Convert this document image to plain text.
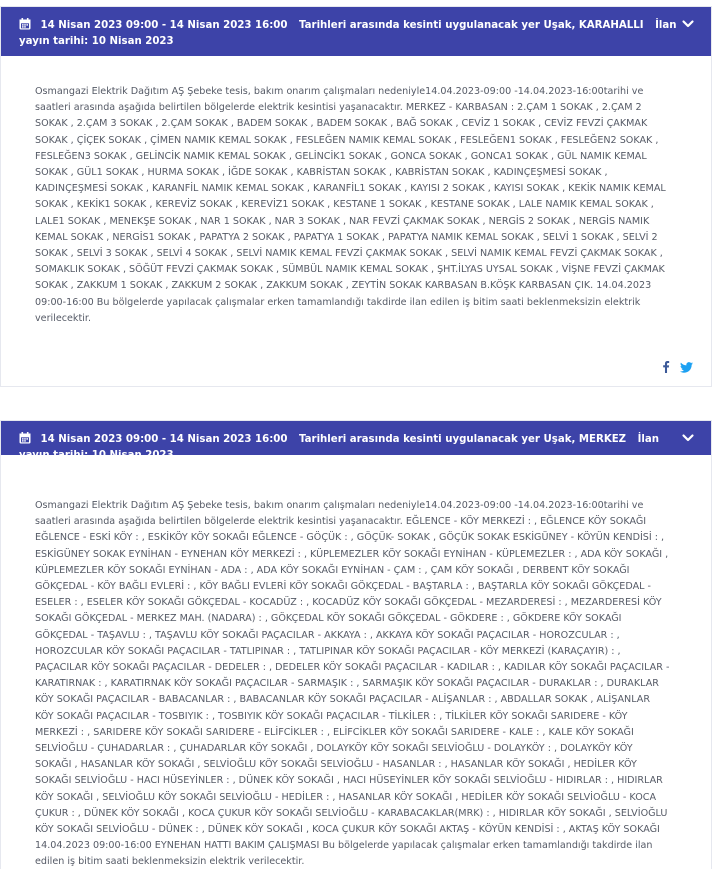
14 Nisan 2023 09:00 - 14 Nisan 2023 16:00 Tarihleri arasında kesinti uygulanacak yer Uşak, KARAHALLI İlan yayın tarihi: 10 Nisan 2023
Osmangazi Elektrik Dağıtım AŞ Şebeke tesis, bakım onarım çalışmaları nedeniyle14.04.2023-09:00 -14.04.2023-16:00tarihi ve saatleri arasında aşağıda belirtilen bölgelerde elektrik kesintisi yaşanacaktır. MERKEZ - KARBASAN : 2.ÇAM 1 SOKAK , 2.ÇAM 2 SOKAK , 2.ÇAM 3 SOKAK , 2.ÇAM SOKAK , BADEM SOKAK , BADEM SOKAK , BAĞ SOKAK , CEVİZ 1 SOKAK , CEVİZ FEVZİ ÇAKMAK SOKAK , ÇİÇEK SOKAK , ÇİMEN NAMIK KEMAL SOKAK , FESLEĞEN NAMIK KEMAL SOKAK , FESLEĞEN1 SOKAK , FESLEĞEN2 SOKAK , FESLEĞEN3 SOKAK , GELİNCİK NAMIK KEMAL SOKAK , GELİNCİK1 SOKAK , GONCA SOKAK , GONCA1 SOKAK , GÜL NAMIK KEMAL SOKAK , GÜL1 SOKAK , HURMA SOKAK , İĞDE SOKAK , KABRİSTAN SOKAK , KABRİSTAN SOKAK , KADINÇEŞMESİ SOKAK , KADINÇEŞMESİ SOKAK , KARANFİL NAMIK KEMAL SOKAK , KARANFİL1 SOKAK , KAYISI 2 SOKAK , KAYISI SOKAK , KEKİK NAMIK KEMAL SOKAK , KEKİK1 SOKAK , KEREVİZ SOKAK , KEREVİZ1 SOKAK , KESTANE 1 SOKAK , KESTANE SOKAK , LALE NAMIK KEMAL SOKAK , LALE1 SOKAK , MENEKŞE SOKAK , NAR 1 SOKAK , NAR 3 SOKAK , NAR FEVZİ ÇAKMAK SOKAK , NERGİS 2 SOKAK , NERGİS NAMIK KEMAL SOKAK , NERGİS1 SOKAK , PAPATYA 2 SOKAK , PAPATYA 1 SOKAK , PAPATYA NAMIK KEMAL SOKAK , SELVİ 1 SOKAK , SELVİ 2 SOKAK , SELVİ 3 SOKAK , SELVİ 4 SOKAK , SELVİ NAMIK KEMAL FEVZİ ÇAKMAK SOKAK , SELVİ NAMIK KEMAL FEVZİ ÇAKMAK SOKAK , SOMAKLIK SOKAK , SÖĞÜT FEVZİ ÇAKMAK SOKAK , SÜMBÜL NAMIK KEMAL SOKAK , ŞHT.İLYAS UYSAL SOKAK , VİŞNE FEVZİ ÇAKMAK SOKAK , ZAKKUM 1 SOKAK , ZAKKUM 2 SOKAK , ZAKKUM SOKAK , ZEYTİN SOKAK KARBASAN B.KÖŞK KARBASAN ÇIK. 14.04.2023 09:00-16:00 Bu bölgelerde yapılacak çalışmalar erken tamamlandığı takdirde ilan edilen iş bitim saati beklenmeksizin elektrik verilecektir.
14 Nisan 2023 09:00 - 14 Nisan 2023 16:00 Tarihleri arasında kesinti uygulanacak yer Uşak, MERKEZ İlan yayın tarihi: 10 Nisan 2023
Osmangazi Elektrik Dağıtım AŞ Şebeke tesis, bakım onarım çalışmaları nedeniyle14.04.2023-09:00 -14.04.2023-16:00tarihi ve saatleri arasında aşağıda belirtilen bölgelerde elektrik kesintisi yaşanacaktır. EĞLENCE - KÖY MERKEZİ : , EĞLENCE KÖY SOKAĞI EĞLENCE - ESKİ KÖY : , ESKİKÖY KÖY SOKAĞI EĞLENCE - GÖÇÜK : , GÖÇÜK- SOKAK , GÖÇÜK SOKAK ESKİGÜNEY - KÖYÜN KENDİSİ : , ESKİGÜNEY SOKAK EYNİHAN - EYNEHAN KÖY MERKEZİ : , KÜPLEMEZLER KÖY SOKAĞI EYNİHAN - KÜPLEMEZLER : , ADA KÖY SOKAĞI , KÜPLEMEZLER KÖY SOKAĞI EYNİHAN - ADA : , ADA KÖY SOKAĞI EYNİHAN - ÇAM : , ÇAM KÖY SOKAĞI , DERBENT KÖY SOKAĞI GÖKÇEDAL - KÖY BAĞLI EVLERİ : , KÖY BAĞLI EVLERİ KÖY SOKAĞI GÖKÇEDAL - BAŞTARLA : , BAŞTARLA KÖY SOKAĞI GÖKÇEDAL - ESELER : , ESELER KÖY SOKAĞI GÖKÇEDAL - KOCADÜZ : , KOCADÜZ KÖY SOKAĞI GÖKÇEDAL - MEZARDERESİ : , MEZARDERESİ KÖY SOKAĞI GÖKÇEDAL - MERKEZ MAH. (NADARA) : , GÖKÇEDAL KÖY SOKAĞI GÖKÇEDAL - GÖKDERE : , GÖKDERE KÖY SOKAĞI GÖKÇEDAL - TAŞAVLU : , TAŞAVLU KÖY SOKAĞI PAÇACILAR - AKKAYA : , AKKAYA KÖY SOKAĞI PAÇACILAR - HOROZCULAR : , HOROZCULAR KÖY SOKAĞI PAÇACILAR - TATLIPINAR : , TATLIPINAR KÖY SOKAĞI PAÇACILAR - KÖY MERKEZİ (KARAÇAYIR) : , PAÇACILAR KÖY SOKAĞI PAÇACILAR - DEDELER : , DEDELER KÖY SOKAĞI PAÇACILAR - KADILAR : , KADILAR KÖY SOKAĞI PAÇACILAR - KARATIRNAK : , KARATIRNAK KÖY SOKAĞI PAÇACILAR - SARMAŞIK : , SARMAŞIK KÖY SOKAĞI PAÇACILAR - DURAKLAR : , DURAKLAR KÖY SOKAĞI PAÇACILAR - BABACANLAR : , BABACANLAR KÖY SOKAĞI PAÇACILAR - ALİŞANLAR : , ABDALLAR SOKAK , ALİŞANLAR KÖY SOKAĞI PAÇACILAR - TOSBIYIK : , TOSBIYIK KÖY SOKAĞI PAÇACILAR - TİLKİLER : , TİLKİLER KÖY SOKAĞI SARIDERE - KÖY MERKEZİ : , SARIDERE KÖY SOKAĞI SARIDERE - ELİFCİKLER : , ELİFCİKLER KÖY SOKAĞI SARIDERE - KALE : , KALE KÖY SOKAĞI SELVİOĞLU - ÇUHADARLAR : , ÇUHADARLAR KÖY SOKAĞI , DOLAYKÖY KÖY SOKAĞI SELVİOĞLU - DOLAYKÖY : , DOLAYKÖY KÖY SOKAĞI , HASANLAR KÖY SOKAĞI , SELVİOĞLU KÖY SOKAĞI SELVİOĞLU - HASANLAR : , HASANLAR KÖY SOKAĞI , HEDİLER KÖY SOKAĞI SELVİOĞLU - HACI HÜSEYİNLER : , DÜNEK KÖY SOKAĞI , HACI HÜSEYİNLER KÖY SOKAĞI SELVİOĞLU - HIDIRLAR : , HIDIRLAR KÖY SOKAĞI , SELVİOĞLU KÖY SOKAĞI SELVİOĞLU - HEDİLER : , HASANLAR KÖY SOKAĞI , HEDİLER KÖY SOKAĞI SELVİOĞLU - KOCA ÇUKUR : , DÜNEK KÖY SOKAĞI , KOCA ÇUKUR KÖY SOKAĞI SELVİOĞLU - KARABACAKLAR(MRK) : , HIDIRLAR KÖY SOKAĞI , SELVİOĞLU KÖY SOKAĞI SELVİOĞLU - DÜNEK : , DÜNEK KÖY SOKAĞI , KOCA ÇUKUR KÖY SOKAĞI AKTAŞ - KÖYÜN KENDİSİ : , AKTAŞ KÖY SOKAĞI 14.04.2023 09:00-16:00 EYNEHAN HATTI BAKIM ÇALIŞMASI Bu bölgelerde yapılacak çalışmalar erken tamamlandığı takdirde ilan edilen iş bitim saati beklenmeksizin elektrik verilecektir.
